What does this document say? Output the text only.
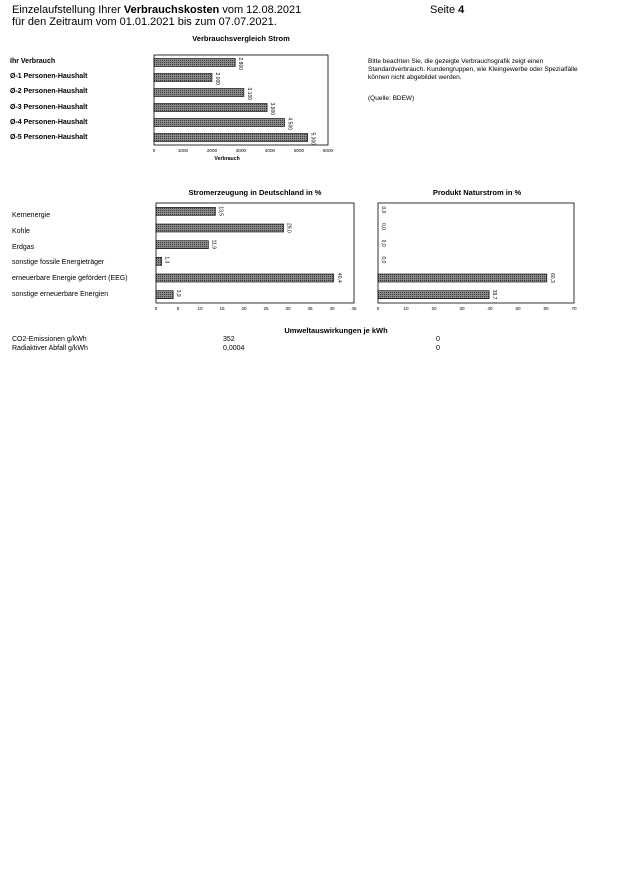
Einzelaufstellung Ihrer Verbrauchskosten vom 12.08.2021
für den Zeitraum vom 01.01.2021 bis zum 07.07.2021.
Seite 4
Verbrauchsvergleich Strom
Ihr Verbrauch
Ø-1 Personen-Haushalt
Ø-2 Personen-Haushalt
Ø-3 Personen-Haushalt
Ø-4 Personen-Haushalt
Ø-5 Personen-Haushalt
0	1000	2000	3000	4000	5000	6000
2.800
2.000
3.100
3.900
4.500
5.300
Verbrauch
Bitte beachten Sie, die gezeigte Verbrauchsgrafik zeigt einen Standardverbrauch. Kundengruppen, wie Kleingewerbe oder Spezialfälle können nicht abgebildet werden.
(Quelle: BDEW)
Stromerzeugung in Deutschland in %
Kernenergie
Kohle
Erdgas
sonstige fossile Energieträger
erneuerbare Energie gefördert (EEG)
sonstige erneuerbare Energien
0	5	10	15	20	25	30	35	40	45
13,5
29,0
11,9
1,3
40,4
3,9
Produkt Naturstrom in %
0	10	20	30	40	50	60	70
0,0
0,0
0,0
0,0
60,3
39,7
Umweltauswirkungen je kWh
CO2-Emissionen g/kWh	352	0
Radiaktiver Abfall g/kWh	0,0004	0
